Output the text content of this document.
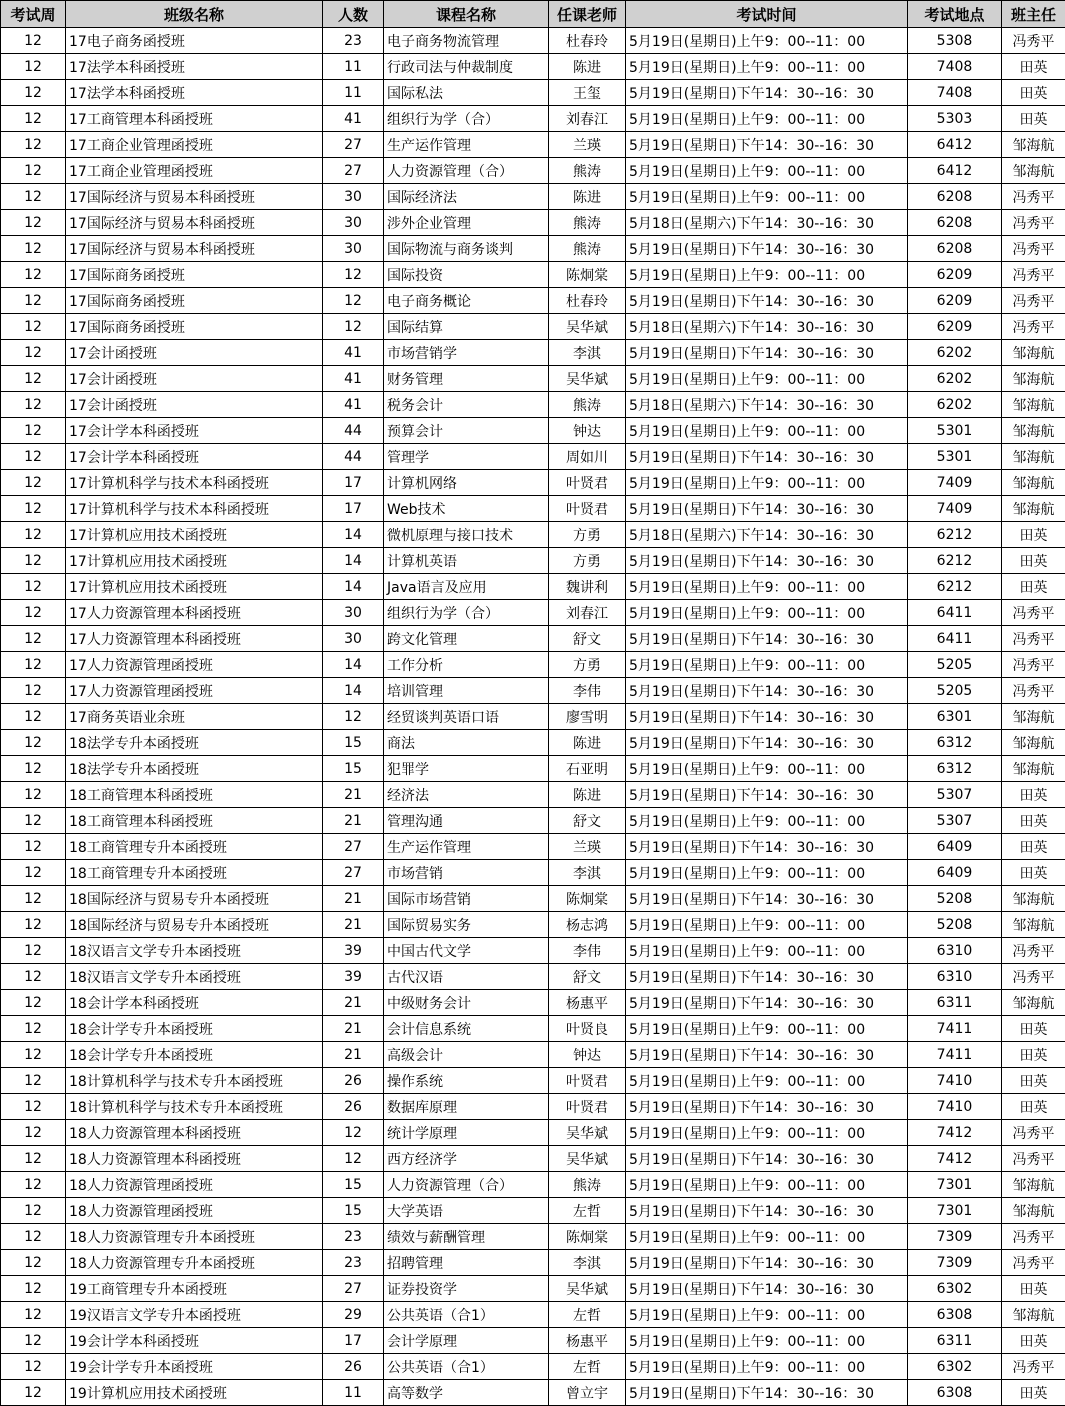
考试周	班级名称	人数	课程名称	任课老师	考试时间	考试地点	班主任
12	17电子商务函授班	23	电子商务物流管理	杜春玲	5月19日(星期日)上午9：00--11：00	5308	冯秀平
12	17法学本科函授班	11	行政司法与仲裁制度	陈进	5月19日(星期日)上午9：00--11：00	7408	田英
12	17法学本科函授班	11	国际私法	王玺	5月19日(星期日)下午14：30--16：30	7408	田英
12	17工商管理本科函授班	41	组织行为学（合）	刘春江	5月19日(星期日)上午9：00--11：00	5303	田英
12	17工商企业管理函授班	27	生产运作管理	兰瑛	5月19日(星期日)下午14：30--16：30	6412	邹海航
12	17工商企业管理函授班	27	人力资源管理（合）	熊涛	5月19日(星期日)上午9：00--11：00	6412	邹海航
12	17国际经济与贸易本科函授班	30	国际经济法	陈进	5月19日(星期日)上午9：00--11：00	6208	冯秀平
12	17国际经济与贸易本科函授班	30	涉外企业管理	熊涛	5月18日(星期六)下午14：30--16：30	6208	冯秀平
12	17国际经济与贸易本科函授班	30	国际物流与商务谈判	熊涛	5月19日(星期日)下午14：30--16：30	6208	冯秀平
12	17国际商务函授班	12	国际投资	陈炯棠	5月19日(星期日)上午9：00--11：00	6209	冯秀平
12	17国际商务函授班	12	电子商务概论	杜春玲	5月19日(星期日)下午14：30--16：30	6209	冯秀平
12	17国际商务函授班	12	国际结算	吴华斌	5月18日(星期六)下午14：30--16：30	6209	冯秀平
12	17会计函授班	41	市场营销学	李淇	5月19日(星期日)下午14：30--16：30	6202	邹海航
12	17会计函授班	41	财务管理	吴华斌	5月19日(星期日)上午9：00--11：00	6202	邹海航
12	17会计函授班	41	税务会计	熊涛	5月18日(星期六)下午14：30--16：30	6202	邹海航
12	17会计学本科函授班	44	预算会计	钟达	5月19日(星期日)上午9：00--11：00	5301	邹海航
12	17会计学本科函授班	44	管理学	周如川	5月19日(星期日)下午14：30--16：30	5301	邹海航
12	17计算机科学与技术本科函授班	17	计算机网络	叶贤君	5月19日(星期日)上午9：00--11：00	7409	邹海航
12	17计算机科学与技术本科函授班	17	Web技术	叶贤君	5月19日(星期日)下午14：30--16：30	7409	邹海航
12	17计算机应用技术函授班	14	微机原理与接口技术	方勇	5月18日(星期六)下午14：30--16：30	6212	田英
12	17计算机应用技术函授班	14	计算机英语	方勇	5月19日(星期日)下午14：30--16：30	6212	田英
12	17计算机应用技术函授班	14	Java语言及应用	魏讲利	5月19日(星期日)上午9：00--11：00	6212	田英
12	17人力资源管理本科函授班	30	组织行为学（合）	刘春江	5月19日(星期日)上午9：00--11：00	6411	冯秀平
12	17人力资源管理本科函授班	30	跨文化管理	舒文	5月19日(星期日)下午14：30--16：30	6411	冯秀平
12	17人力资源管理函授班	14	工作分析	方勇	5月19日(星期日)上午9：00--11：00	5205	冯秀平
12	17人力资源管理函授班	14	培训管理	李伟	5月19日(星期日)下午14：30--16：30	5205	冯秀平
12	17商务英语业余班	12	经贸谈判英语口语	廖雪明	5月19日(星期日)下午14：30--16：30	6301	邹海航
12	18法学专升本函授班	15	商法	陈进	5月19日(星期日)下午14：30--16：30	6312	邹海航
12	18法学专升本函授班	15	犯罪学	石亚明	5月19日(星期日)上午9：00--11：00	6312	邹海航
12	18工商管理本科函授班	21	经济法	陈进	5月19日(星期日)下午14：30--16：30	5307	田英
12	18工商管理本科函授班	21	管理沟通	舒文	5月19日(星期日)上午9：00--11：00	5307	田英
12	18工商管理专升本函授班	27	生产运作管理	兰瑛	5月19日(星期日)下午14：30--16：30	6409	田英
12	18工商管理专升本函授班	27	市场营销	李淇	5月19日(星期日)上午9：00--11：00	6409	田英
12	18国际经济与贸易专升本函授班	21	国际市场营销	陈炯棠	5月19日(星期日)下午14：30--16：30	5208	邹海航
12	18国际经济与贸易专升本函授班	21	国际贸易实务	杨志鸿	5月19日(星期日)上午9：00--11：00	5208	邹海航
12	18汉语言文学专升本函授班	39	中国古代文学	李伟	5月19日(星期日)上午9：00--11：00	6310	冯秀平
12	18汉语言文学专升本函授班	39	古代汉语	舒文	5月19日(星期日)下午14：30--16：30	6310	冯秀平
12	18会计学本科函授班	21	中级财务会计	杨惠平	5月19日(星期日)下午14：30--16：30	6311	邹海航
12	18会计学专升本函授班	21	会计信息系统	叶贤良	5月19日(星期日)上午9：00--11：00	7411	田英
12	18会计学专升本函授班	21	高级会计	钟达	5月19日(星期日)下午14：30--16：30	7411	田英
12	18计算机科学与技术专升本函授班	26	操作系统	叶贤君	5月19日(星期日)上午9：00--11：00	7410	田英
12	18计算机科学与技术专升本函授班	26	数据库原理	叶贤君	5月19日(星期日)下午14：30--16：30	7410	田英
12	18人力资源管理本科函授班	12	统计学原理	吴华斌	5月19日(星期日)上午9：00--11：00	7412	冯秀平
12	18人力资源管理本科函授班	12	西方经济学	吴华斌	5月19日(星期日)下午14：30--16：30	7412	冯秀平
12	18人力资源管理函授班	15	人力资源管理（合）	熊涛	5月19日(星期日)上午9：00--11：00	7301	邹海航
12	18人力资源管理函授班	15	大学英语	左哲	5月19日(星期日)下午14：30--16：30	7301	邹海航
12	18人力资源管理专升本函授班	23	绩效与薪酬管理	陈炯棠	5月19日(星期日)上午9：00--11：00	7309	冯秀平
12	18人力资源管理专升本函授班	23	招聘管理	李淇	5月19日(星期日)下午14：30--16：30	7309	冯秀平
12	19工商管理专升本函授班	27	证券投资学	吴华斌	5月19日(星期日)下午14：30--16：30	6302	田英
12	19汉语言文学专升本函授班	29	公共英语（合1）	左哲	5月19日(星期日)上午9：00--11：00	6308	邹海航
12	19会计学本科函授班	17	会计学原理	杨惠平	5月19日(星期日)上午9：00--11：00	6311	田英
12	19会计学专升本函授班	26	公共英语（合1）	左哲	5月19日(星期日)上午9：00--11：00	6302	冯秀平
12	19计算机应用技术函授班	11	高等数学	曾立宇	5月19日(星期日)下午14：30--16：30	6308	田英
